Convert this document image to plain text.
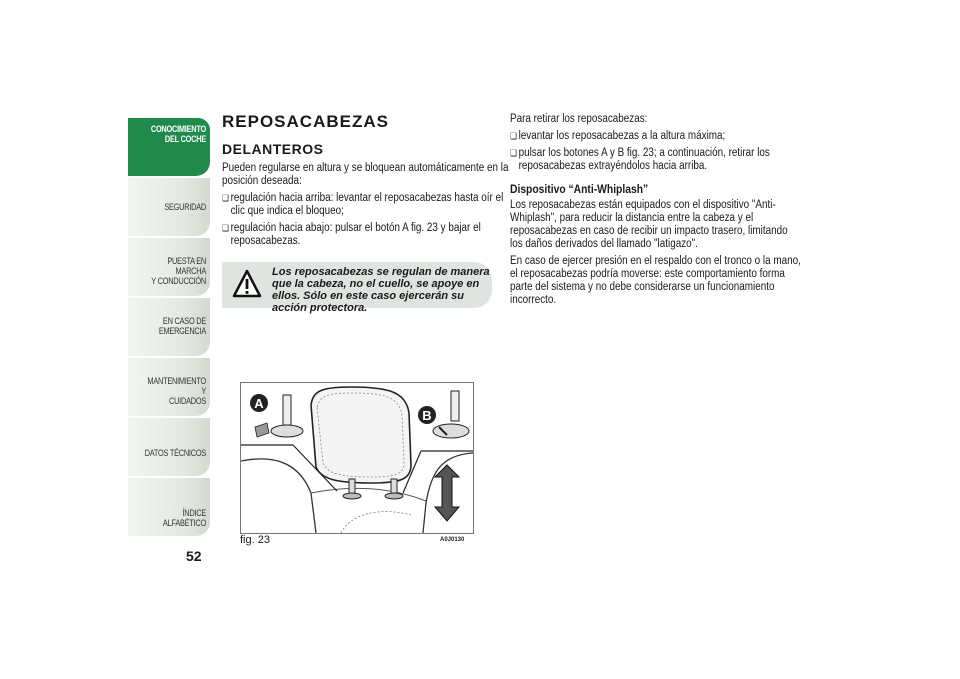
CONOCIMIENTO
DEL COCHE
SEGURIDAD
PUESTA EN MARCHA
Y CONDUCCIÓN
EN CASO DE
EMERGENCIA
MANTENIMIENTO Y
CUIDADOS
DATOS TÉCNICOS
ÍNDICE ALFABÉTICO
52
REPOSACABEZAS
DELANTEROS

Pueden regularse en altura y se bloquean automáticamente en la posición deseada:

❏ regulación hacia arriba: levantar el reposacabezas hasta oír el clic que indica el bloqueo;

❏ regulación hacia abajo: pulsar el botón A fig. 23 y bajar el reposacabezas.

Los reposacabezas se regulan de manera que la cabeza, no el cuello, se apoye en ellos. Sólo en este caso ejercerán su acción protectora.
A
B
fig. 23	A0J0130

Para retirar los reposacabezas:

❏ levantar los reposacabezas a la altura máxima;

❏ pulsar los botones A y B fig. 23; a continuación, retirar los reposacabezas extrayéndolos hacia arriba.

Dispositivo “Anti-Whiplash”

Los reposacabezas están equipados con el dispositivo "Anti-Whiplash", para reducir la distancia entre la cabeza y el reposacabezas en caso de recibir un impacto trasero, limitando los daños derivados del llamado "latigazo".

En caso de ejercer presión en el respaldo con el tronco o la mano, el reposacabezas podría moverse: este comportamiento forma parte del sistema y no debe considerarse un funcionamiento incorrecto.
